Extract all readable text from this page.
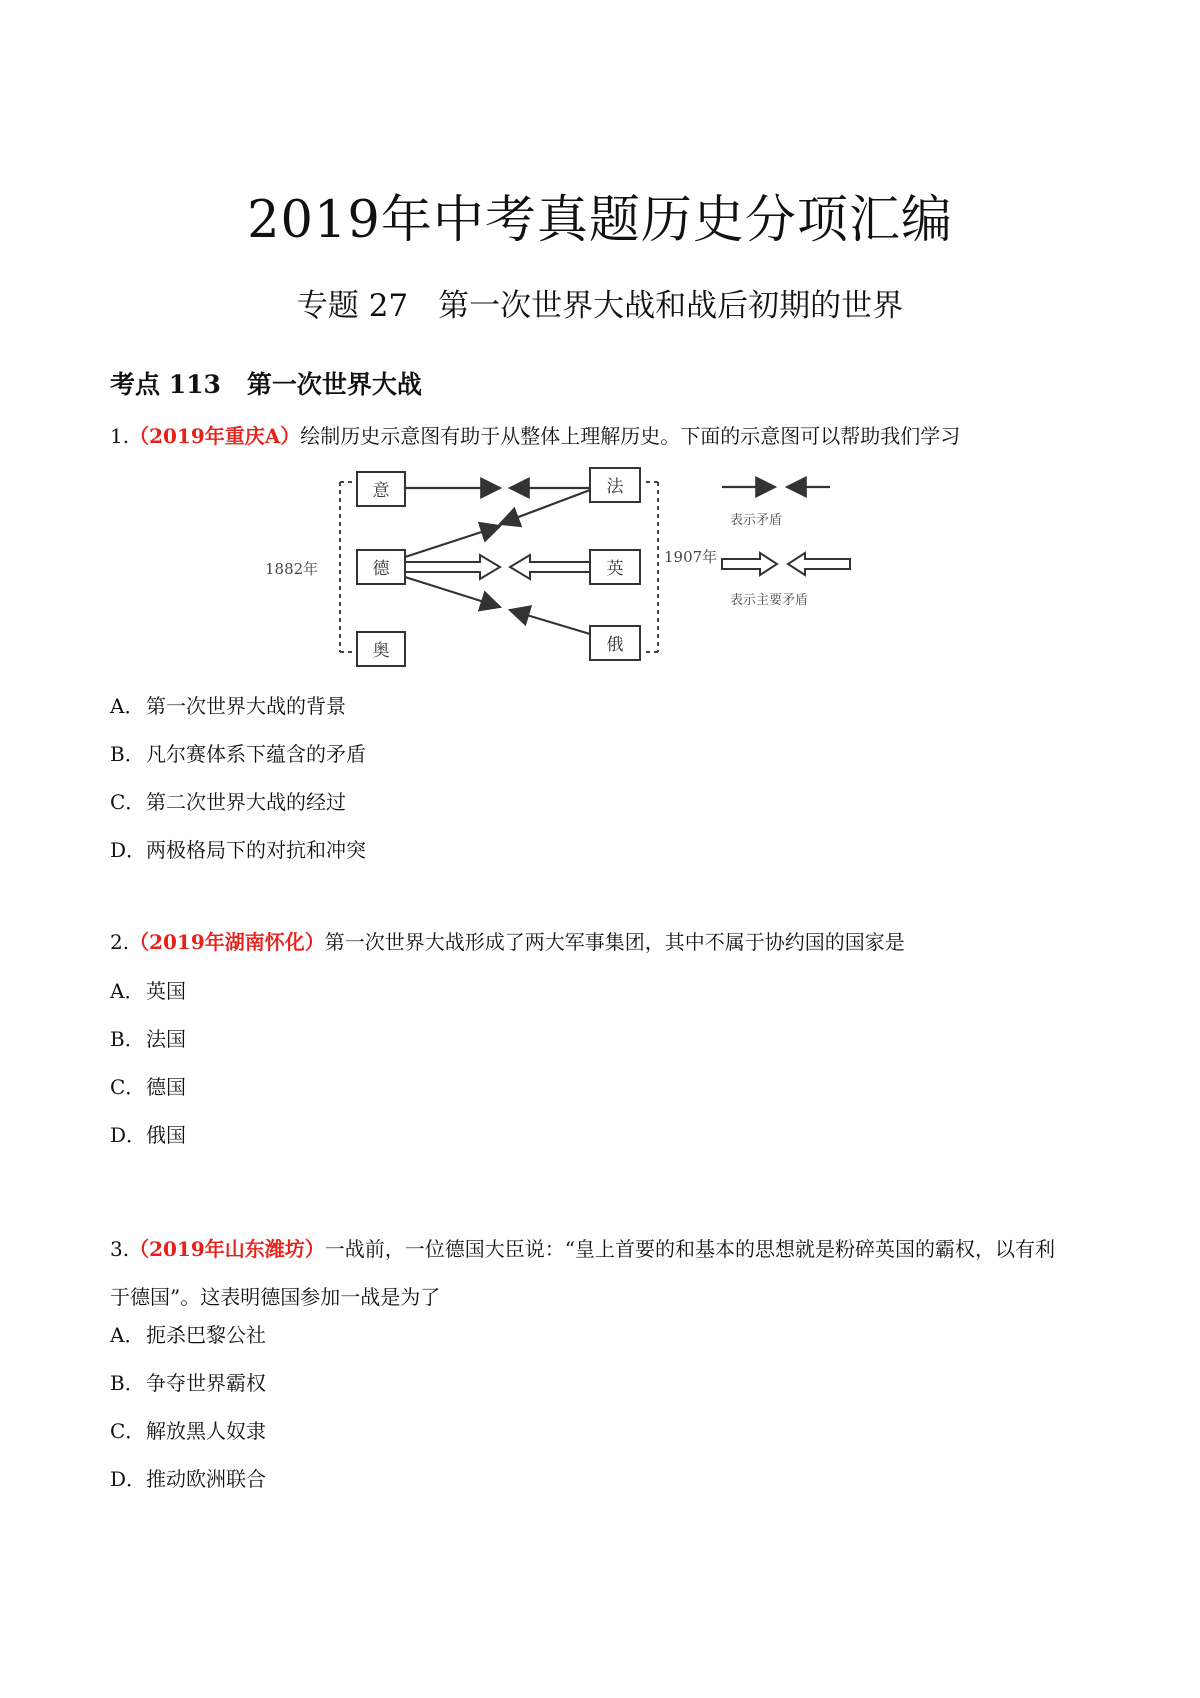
2019年中考真题历史分项汇编
专题 27 第一次世界大战和战后初期的世界
考点 113 第一次世界大战
1.（2019年重庆A）绘制历史示意图有助于从整体上理解历史。下面的示意图可以帮助我们学习
意
德
奥
法
英
俄
1882年
1907年
表示矛盾
表示主要矛盾
A．第一次世界大战的背景
B．凡尔赛体系下蕴含的矛盾
C．第二次世界大战的经过
D．两极格局下的对抗和冲突
2.（2019年湖南怀化）第一次世界大战形成了两大军事集团，其中不属于协约国的国家是
A．英国
B．法国
C．德国
D．俄国
3.（2019年山东潍坊）一战前，一位德国大臣说：“皇上首要的和基本的思想就是粉碎英国的霸权，以有利
于德国”。这表明德国参加一战是为了
A．扼杀巴黎公社
B．争夺世界霸权
C．解放黑人奴隶
D．推动欧洲联合
